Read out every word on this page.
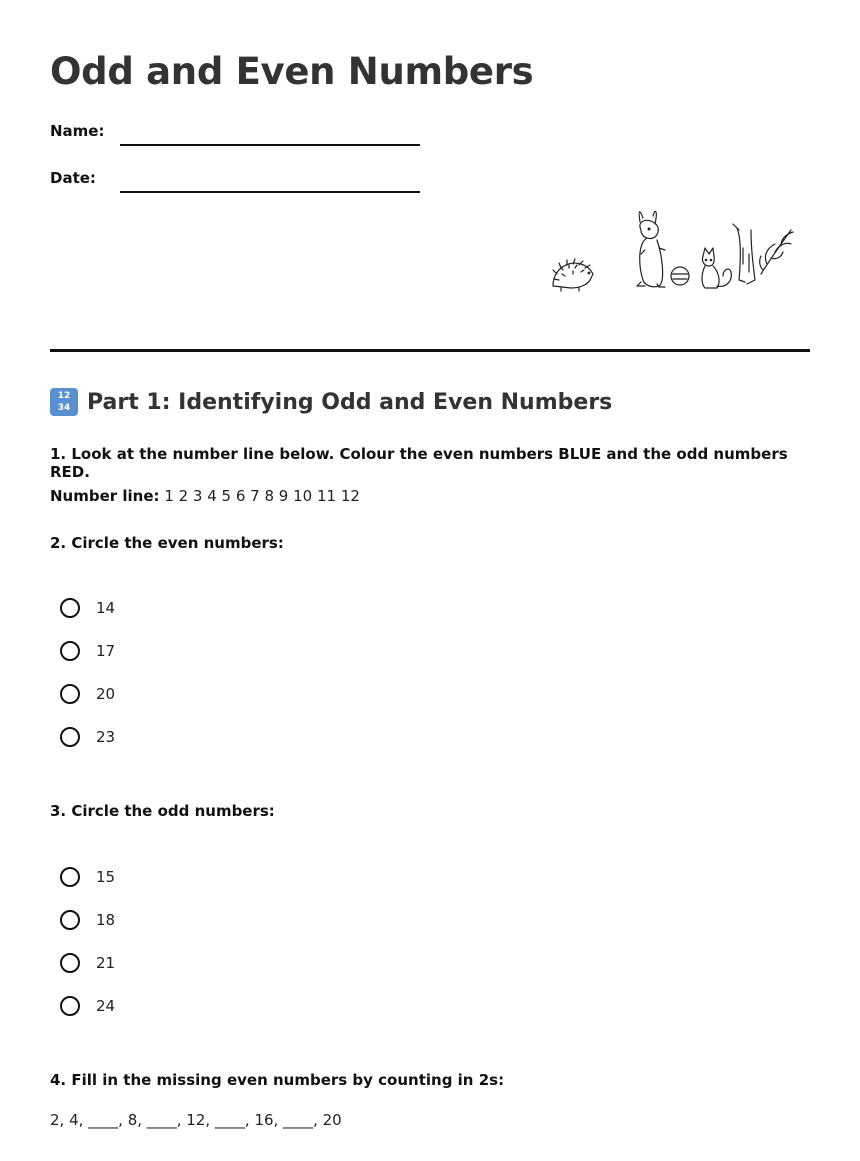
Odd and Even Numbers
Name:
Date:
12
34 Part 1: Identifying Odd and Even Numbers

1. Look at the number line below. Colour the even numbers BLUE and the odd numbers RED.

Number line: 1 2 3 4 5 6 7 8 9 10 11 12

2. Circle the even numbers:

14
17
20
23

3. Circle the odd numbers:

15
18
21
24

4. Fill in the missing even numbers by counting in 2s:

2, 4, ____, 8, ____, 12, ____, 16, ____, 20
